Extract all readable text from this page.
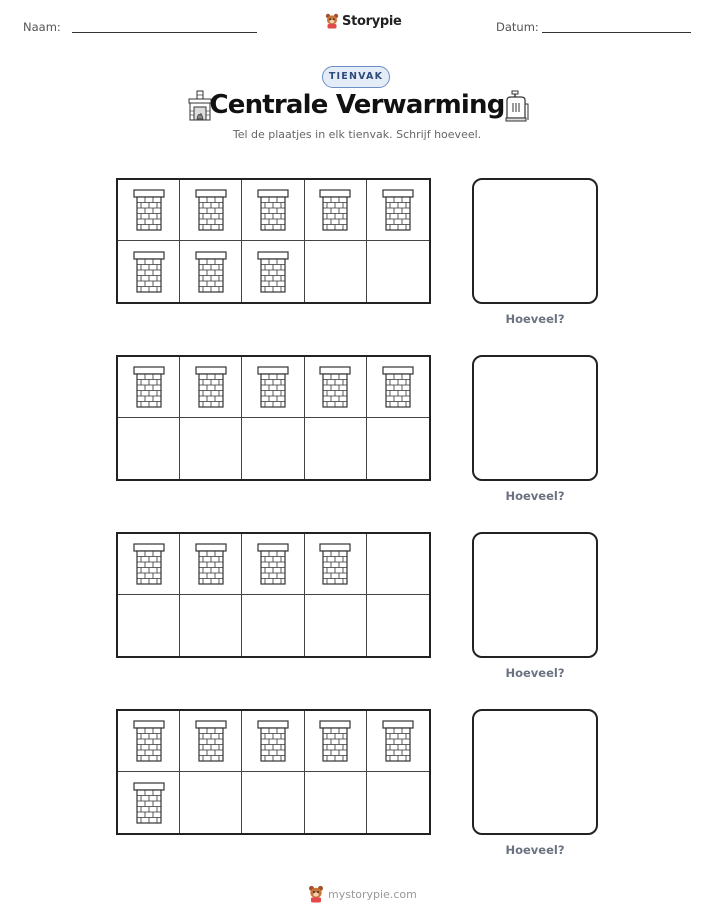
Naam:	Storypie	Datum:
TIENVAK
Centrale Verwarming
Tel de plaatjes in elk tienvak. Schrijf hoeveel.
Hoeveel?
Hoeveel?
Hoeveel?
Hoeveel?
mystorypie.com
